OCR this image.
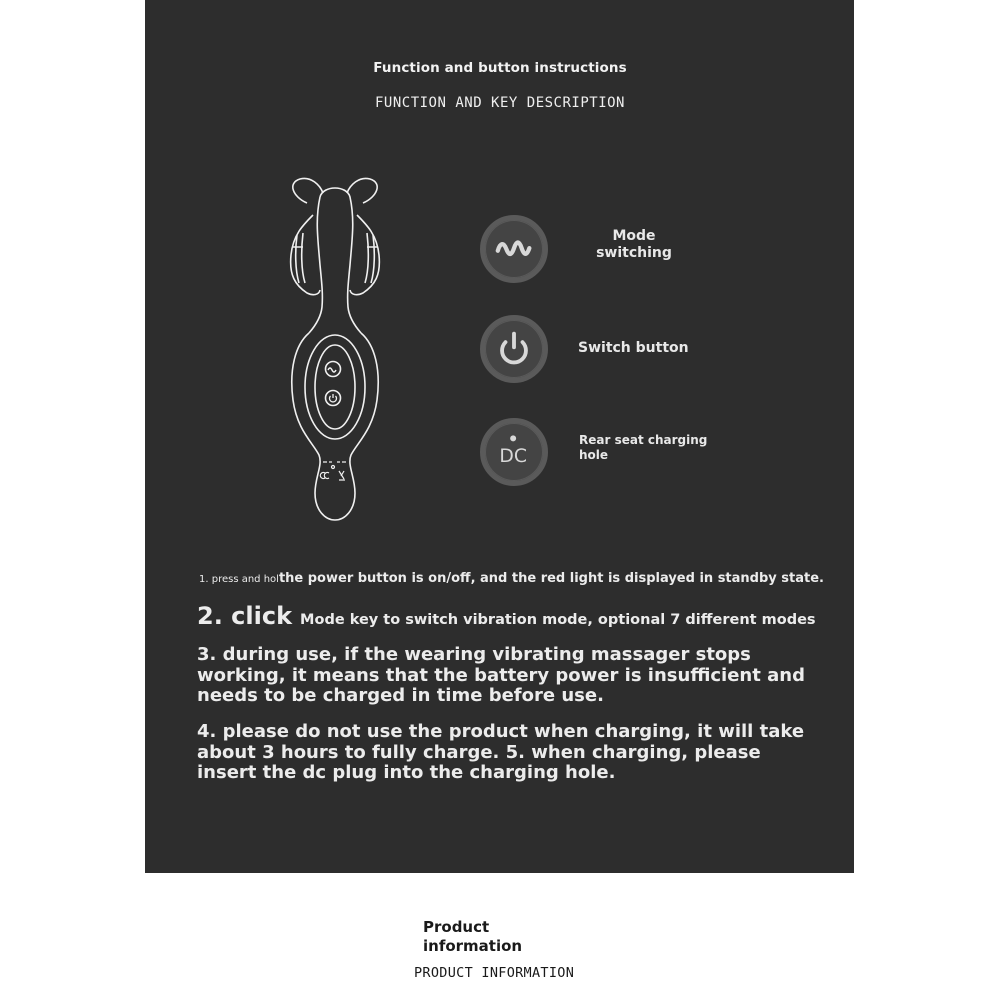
Function and button instructions
FUNCTION AND KEY DESCRIPTION
Mode
switching
Switch button
DC
Rear seat charging
hole
1. press and holthe power button is on/off, and the red light is displayed in standby state.
2. click Mode key to switch vibration mode, optional 7 different modes
3. during use, if the wearing vibrating massager stops working, it means that the battery power is insufficient and needs to be charged in time before use.
4. please do not use the product when charging, it will take about 3 hours to fully charge. 5. when charging, please insert the dc plug into the charging hole.
Product
information
PRODUCT INFORMATION
